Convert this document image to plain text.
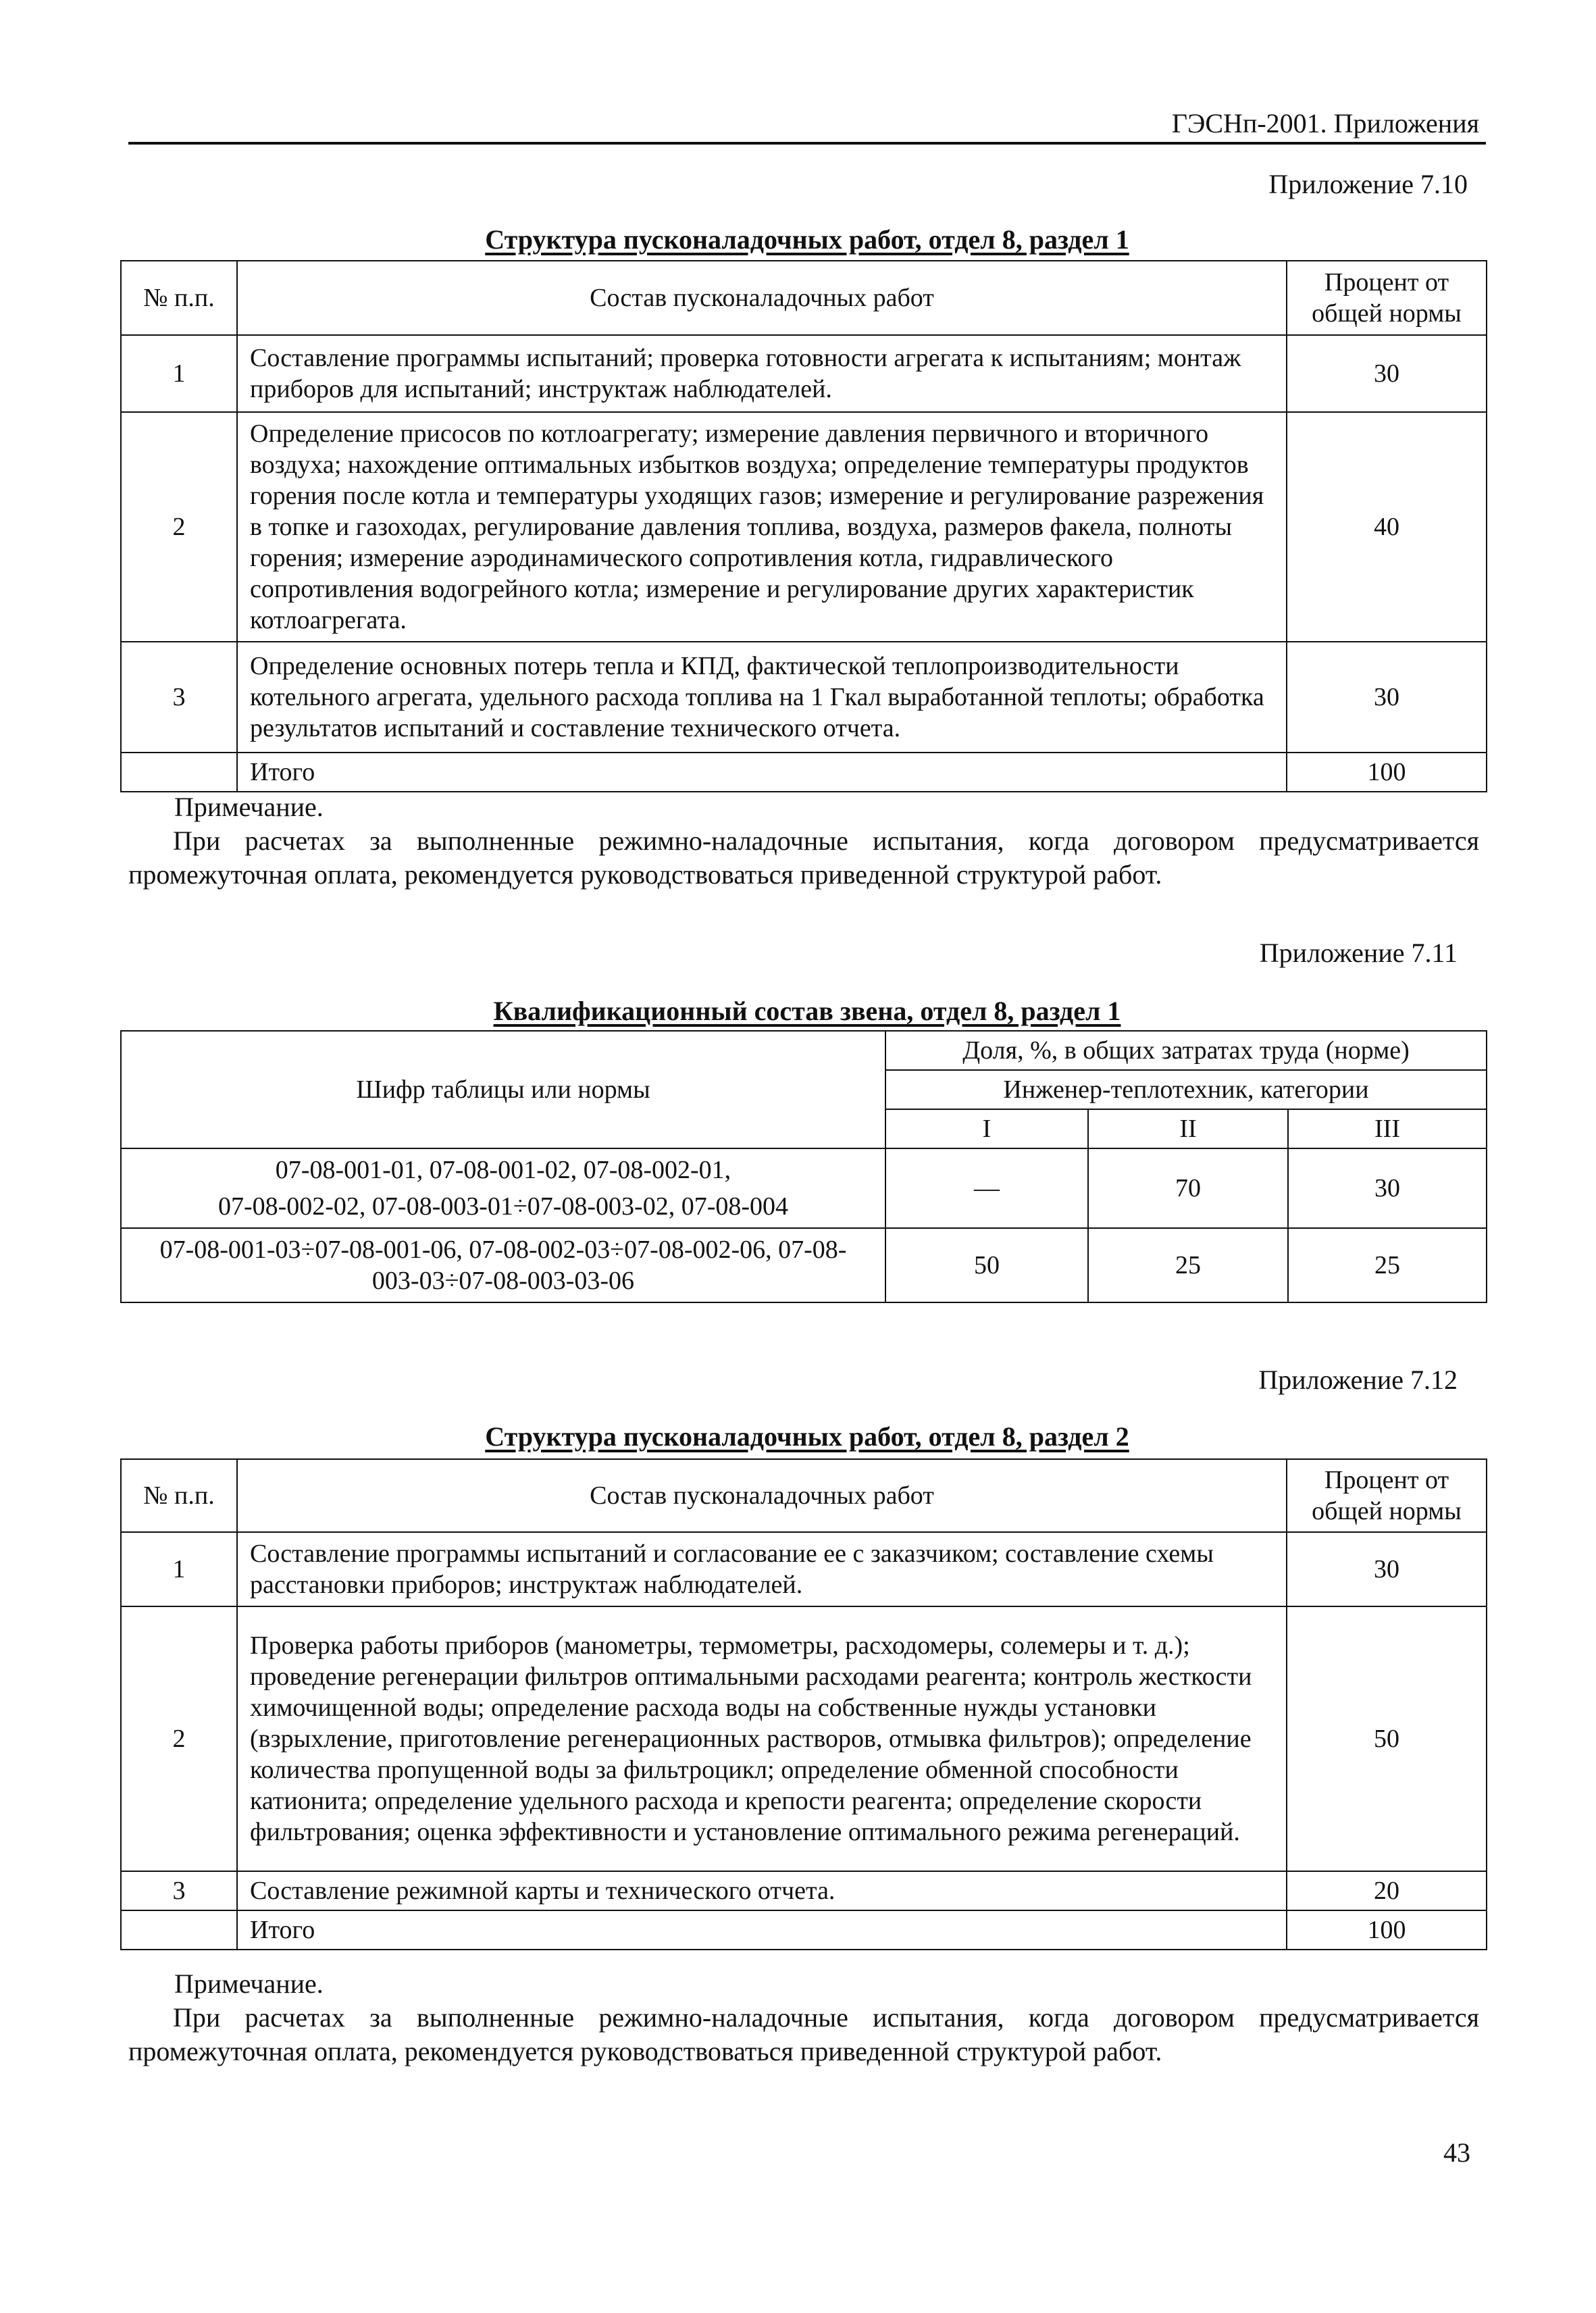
ГЭСНп-2001. Приложения
Приложение 7.10
Структура пусконаладочных работ, отдел 8, раздел 1
№ п.п.	Состав пусконаладочных работ	Процент от общей нормы
1	Составление программы испытаний; проверка готовности агрегата к испытаниям; монтаж приборов для испытаний; инструктаж наблюдателей.	30
2	Определение присосов по котлоагрегату; измерение давления первичного и вторичного воздуха; нахождение оптимальных избытков воздуха; определение температуры продуктов горения после котла и температуры уходящих газов; измерение и регулирование разрежения в топке и газоходах, регулирование давления топлива, воздуха, размеров факела, полноты горения; измерение аэродинамического сопротивления котла, гидравлического сопротивления водогрейного котла; измерение и регулирование других характеристик котлоагрегата.	40
3	Определение основных потерь тепла и КПД, фактической теплопроизводительности котельного агрегата, удельного расхода топлива на 1 Гкал выработанной теплоты; обработка результатов испытаний и составление технического отчета.	30
	Итого	100
Примечание.
При расчетах за выполненные режимно-наладочные испытания, когда договором предусматривается промежуточная оплата, рекомендуется руководствоваться приведенной структурой работ.
Приложение 7.11
Квалификационный состав звена, отдел 8, раздел 1
Шифр таблицы или нормы	Доля, %, в общих затратах труда (норме)		
	Инженер-теплотехник, категории		
	I	II	III

07-08-001-01, 07-08-001-02, 07-08-002-01,
07-08-002-02, 07-08-003-01÷07-08-003-02, 07-08-004	—	70	30

07-08-001-03÷07-08-001-06, 07-08-002-03÷07-08-002-06, 07-08-
003-03÷07-08-003-03-06	50	25	25
Приложение 7.12
Структура пусконаладочных работ, отдел 8, раздел 2
№ п.п.	Состав пусконаладочных работ	Процент от общей нормы
1	Составление программы испытаний и согласование ее с заказчиком; составление схемы расстановки приборов; инструктаж наблюдателей.	30
2	Проверка работы приборов (манометры, термометры, расходомеры, солемеры и т. д.); проведение регенерации фильтров оптимальными расходами реагента; контроль жесткости химочищенной воды; определение расхода воды на собственные нужды установки (взрыхление, приготовление регенерационных растворов, отмывка фильтров); определение количества пропущенной воды за фильтроцикл; определение обменной способности катионита; определение удельного расхода и крепости реагента; определение скорости фильтрования; оценка эффективности и установление оптимального режима регенераций.	50
3	Составление режимной карты и технического отчета.	20
	Итого	100
Примечание.
При расчетах за выполненные режимно-наладочные испытания, когда договором предусматривается промежуточная оплата, рекомендуется руководствоваться приведенной структурой работ.
43
